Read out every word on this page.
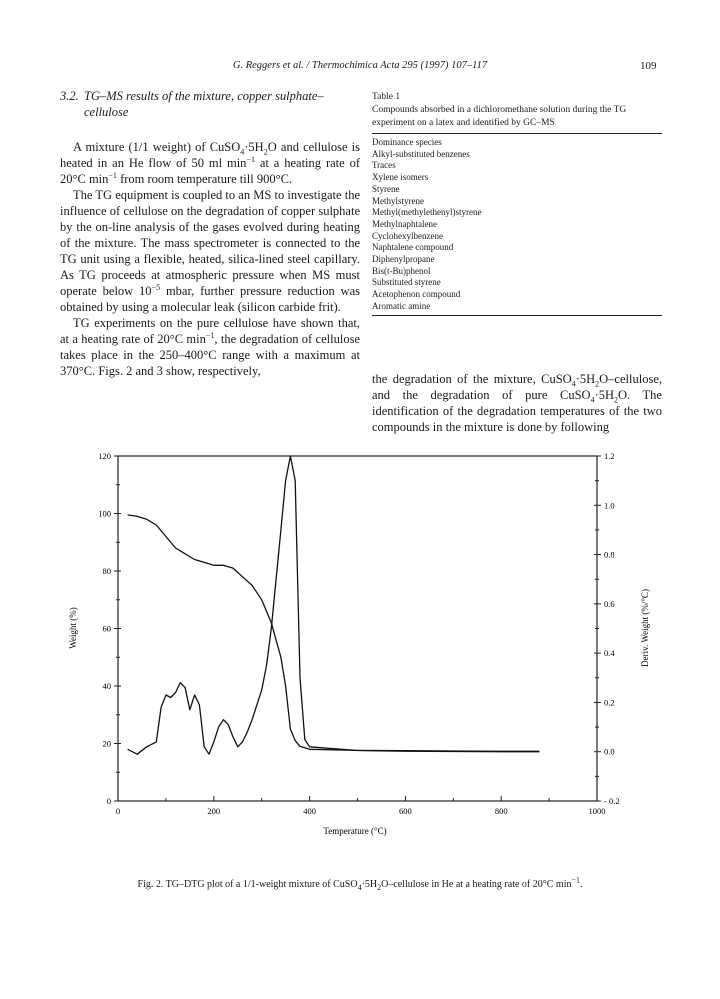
G. Reggers et al. / Thermochimica Acta 295 (1997) 107–117	109
3.2. TG–MS results of the mixture, copper sulphate–
cellulose

A mixture (1/1 weight) of $CuSO_4\cdot 5H_2O$ and cellulose is heated in an He flow of 50 ml $\min^{-1}$ at a heating rate of 20°C $\min^{-1}$ from room temperature till 900°C.

The TG equipment is coupled to an MS to investigate the influence of cellulose on the degradation of copper sulphate by the on-line analysis of the gases evolved during heating of the mixture. The mass spectrometer is connected to the TG unit using a flexible, heated, silica-lined steel capillary. As TG proceeds at atmospheric pressure when MS must operate below $10^{-5}$ mbar, further pressure reduction was obtained by using a molecular leak (silicon carbide frit).

TG experiments on the pure cellulose have shown that, at a heating rate of 20°C $\min^{-1}$, the degradation of cellulose takes place in the 250–400°C range with a maximum at 370°C. Figs. 2 and 3 show, respectively,

Table 1
Compounds absorbed in a dichloromethane solution during the TG experiment on a latex and identified by GC–MS
Dominance species
Alkyl-substituted benzenes
Traces
Xylene isomers
Styrene
Methylstyrene
Methyl(methylethenyl)styrene
Methylnaphtalene
Cyclohexylbenzene
Naphtalene compound
Diphenylpropane
Bis(t-Bu)phenol
Substituted styrene
Acetophenon compound
Aromatic amine

the degradation of the mixture, $CuSO_4\cdot 5H_2O$–cellulose, and the degradation of pure $CuSO_4\cdot 5H_2O$. The identification of the degradation temperatures of the two compounds in the mixture is done by following

0	200	400	600	800	1000
0
20
40
60
80
100
120
- 0.2
0.0
0.2
0.4
0.6
0.8
1.0
1.2
Temperature (°C)
Weight (%)	Deriv. Weight (%/°C)
Fig. 2. TG–DTG plot of a 1/1-weight mixture of $CuSO_4\cdot 5H_2O$–cellulose in He at a heating rate of 20°C $\min^{-1}$.
